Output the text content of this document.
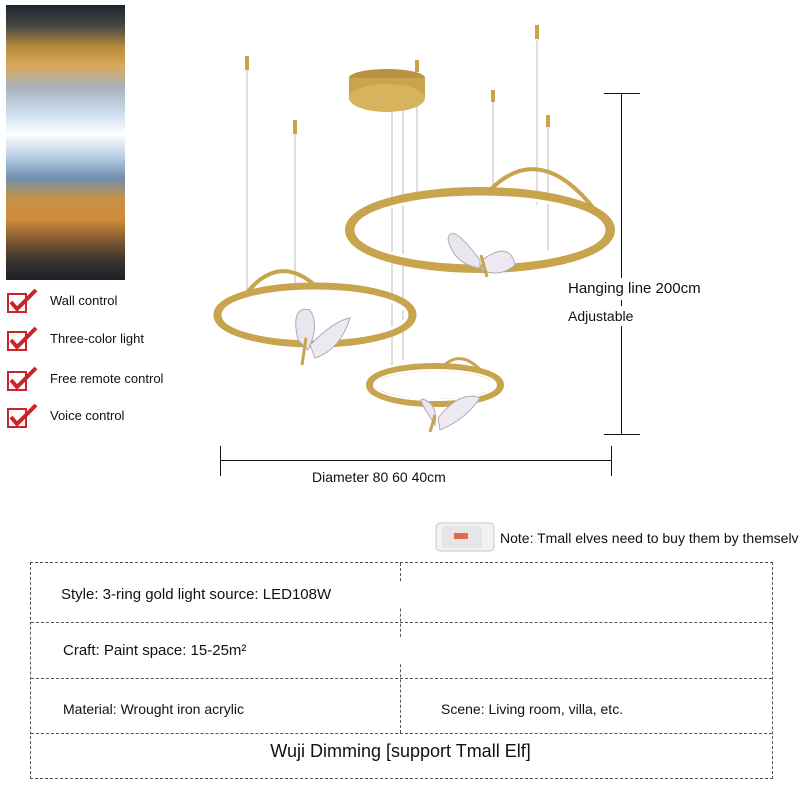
Wall control
Three-color light
Free remote control
Voice control
Hanging line 200cm
Adjustable
Diameter 80 60 40cm
Note: Tmall elves need to buy them by themselv
Style: 3-ring gold light source: LED108W
Craft: Paint space: 15-25m²
Material: Wrought iron acrylic	Scene: Living room, villa, etc.
Wuji Dimming [support Tmall Elf]
